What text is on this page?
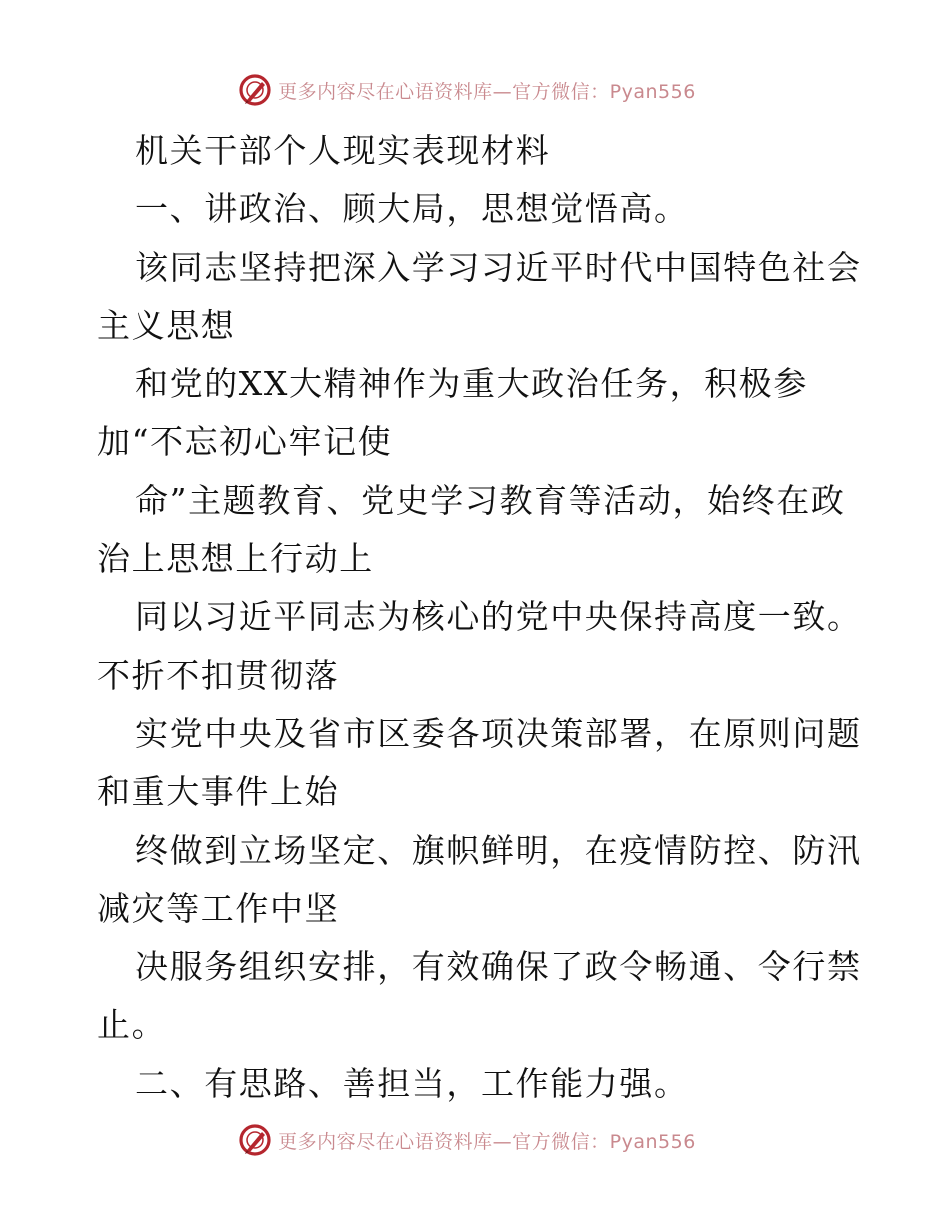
更多内容尽在心语资料库—官方微信：Pyan556
机关干部个人现实表现材料
一、讲政治、顾大局，思想觉悟高。
该同志坚持把深入学习习近平时代中国特色社会
主义思想
和党的XX大精神作为重大政治任务，积极参
加“不忘初心牢记使
命”主题教育、党史学习教育等活动，始终在政
治上思想上行动上
同以习近平同志为核心的党中央保持高度一致。
不折不扣贯彻落
实党中央及省市区委各项决策部署，在原则问题
和重大事件上始
终做到立场坚定、旗帜鲜明，在疫情防控、防汛
减灾等工作中坚
决服务组织安排，有效确保了政令畅通、令行禁
止。
二、有思路、善担当，工作能力强。
更多内容尽在心语资料库—官方微信：Pyan556
